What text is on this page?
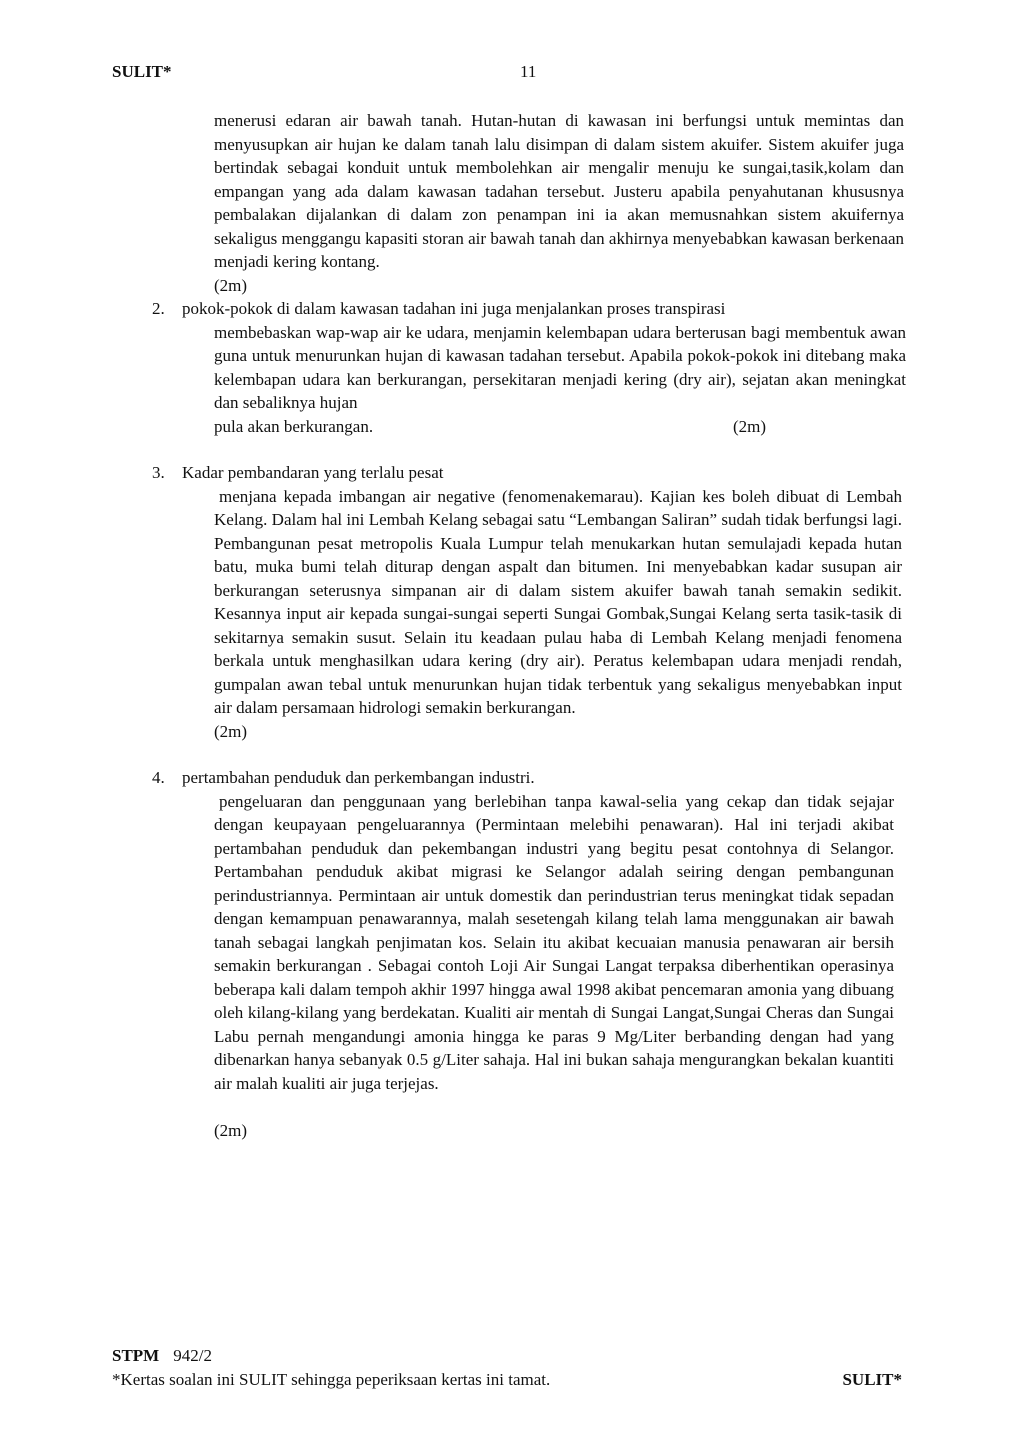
SULIT*	11

menerusi edaran air bawah tanah. Hutan-hutan di kawasan ini berfungsi untuk memintas dan menyusupkan air hujan ke dalam tanah lalu disimpan di dalam sistem akuifer. Sistem akuifer juga bertindak sebagai konduit untuk membolehkan air mengalir menuju ke sungai,tasik,kolam dan empangan yang ada dalam kawasan tadahan tersebut. Justeru apabila penyahutanan khususnya pembalakan dijalankan di dalam zon penampan ini ia akan memusnahkan sistem akuifernya sekaligus menggangu kapasiti storan air bawah tanah dan akhirnya menyebabkan kawasan berkenaan menjadi kering kontang.

(2m)
2. pokok-pokok di dalam kawasan tadahan ini juga menjalankan proses transpirasi

membebaskan wap-wap air ke udara, menjamin kelembapan udara berterusan bagi membentuk awan guna untuk menurunkan hujan di kawasan tadahan tersebut. Apabila pokok-pokok ini ditebang maka kelembapan udara kan berkurangan, persekitaran menjadi kering (dry air), sejatan akan meningkat dan sebaliknya hujan

pula akan berkurangan.	(2m)
3. Kadar pembandaran yang terlalu pesat

menjana kepada imbangan air negative (fenomenakemarau). Kajian kes boleh dibuat di Lembah Kelang. Dalam hal ini Lembah Kelang sebagai satu “Lembangan Saliran” sudah tidak berfungsi lagi. Pembangunan pesat metropolis Kuala Lumpur telah menukarkan hutan semulajadi kepada hutan batu, muka bumi telah diturap dengan aspalt dan bitumen. Ini menyebabkan kadar susupan air berkurangan seterusnya simpanan air di dalam sistem akuifer bawah tanah semakin sedikit. Kesannya input air kepada sungai-sungai seperti Sungai Gombak,Sungai Kelang serta tasik-tasik di sekitarnya semakin susut. Selain itu keadaan pulau haba di Lembah Kelang menjadi fenomena berkala untuk menghasilkan udara kering (dry air). Peratus kelembapan udara menjadi rendah, gumpalan awan tebal untuk menurunkan hujan tidak terbentuk yang sekaligus menyebabkan input air dalam persamaan hidrologi semakin berkurangan.

(2m)
4. pertambahan penduduk dan perkembangan industri.

pengeluaran dan penggunaan yang berlebihan tanpa kawal-selia yang cekap dan tidak sejajar dengan keupayaan pengeluarannya (Permintaan melebihi penawaran). Hal ini terjadi akibat pertambahan penduduk dan pekembangan industri yang begitu pesat contohnya di Selangor. Pertambahan penduduk akibat migrasi ke Selangor adalah seiring dengan pembangunan perindustriannya. Permintaan air untuk domestik dan perindustrian terus meningkat tidak sepadan dengan kemampuan penawarannya, malah sesetengah kilang telah lama menggunakan air bawah tanah sebagai langkah penjimatan kos. Selain itu akibat kecuaian manusia penawaran air bersih semakin berkurangan . Sebagai contoh Loji Air Sungai Langat terpaksa diberhentikan operasinya beberapa kali dalam tempoh akhir 1997 hingga awal 1998 akibat pencemaran amonia yang dibuang oleh kilang-kilang yang berdekatan. Kualiti air mentah di Sungai Langat,Sungai Cheras dan Sungai Labu pernah mengandungi amonia hingga ke paras 9 Mg/Liter berbanding dengan had yang dibenarkan hanya sebanyak 0.5 g/Liter sahaja. Hal ini bukan sahaja mengurangkan bekalan kuantiti air malah kualiti air juga terjejas.

(2m)
STPM 942/2
*Kertas soalan ini SULIT sehingga peperiksaan kertas ini tamat.	SULIT*
